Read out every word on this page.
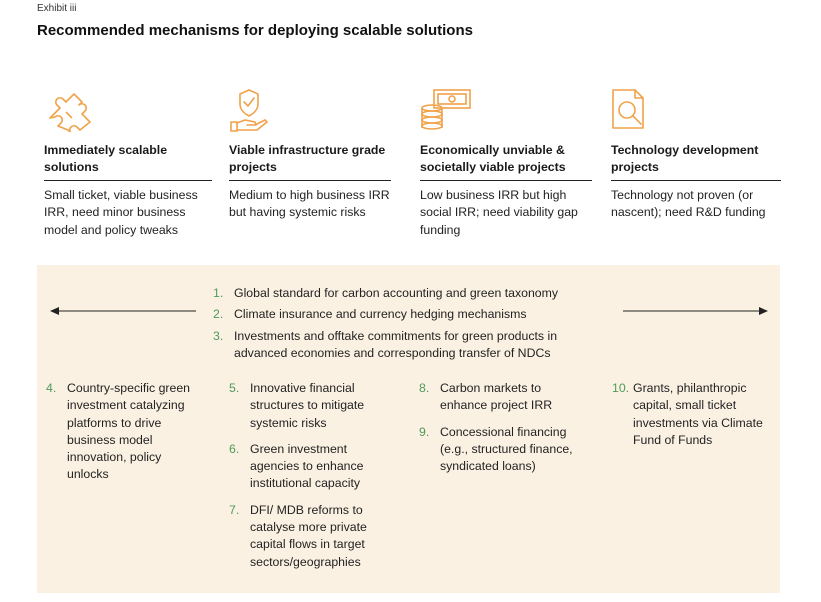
Exhibit iii
Recommended mechanisms for deploying scalable solutions
Immediately scalable solutions
Small ticket, viable business IRR, need minor business model and policy tweaks
Viable infrastructure grade projects
Medium to high business IRR but having systemic risks
Economically unviable & societally viable projects
Low business IRR but high social IRR; need viability gap funding
Technology development projects
Technology not proven (or nascent); need R&D funding
1. Global standard for carbon accounting and green taxonomy
2. Climate insurance and currency hedging mechanisms
3. Investments and offtake commitments for green products in advanced economies and corresponding transfer of NDCs
4. Country-specific green investment catalyzing platforms to drive business model innovation, policy unlocks
5. Innovative financial structures to mitigate systemic risks
6. Green investment agencies to enhance institutional capacity
7. DFI/ MDB reforms to catalyse more private capital flows in target sectors/geographies
8. Carbon markets to enhance project IRR
9. Concessional financing (e.g., structured finance, syndicated loans)
10. Grants, philanthropic capital, small ticket investments via Climate Fund of Funds
